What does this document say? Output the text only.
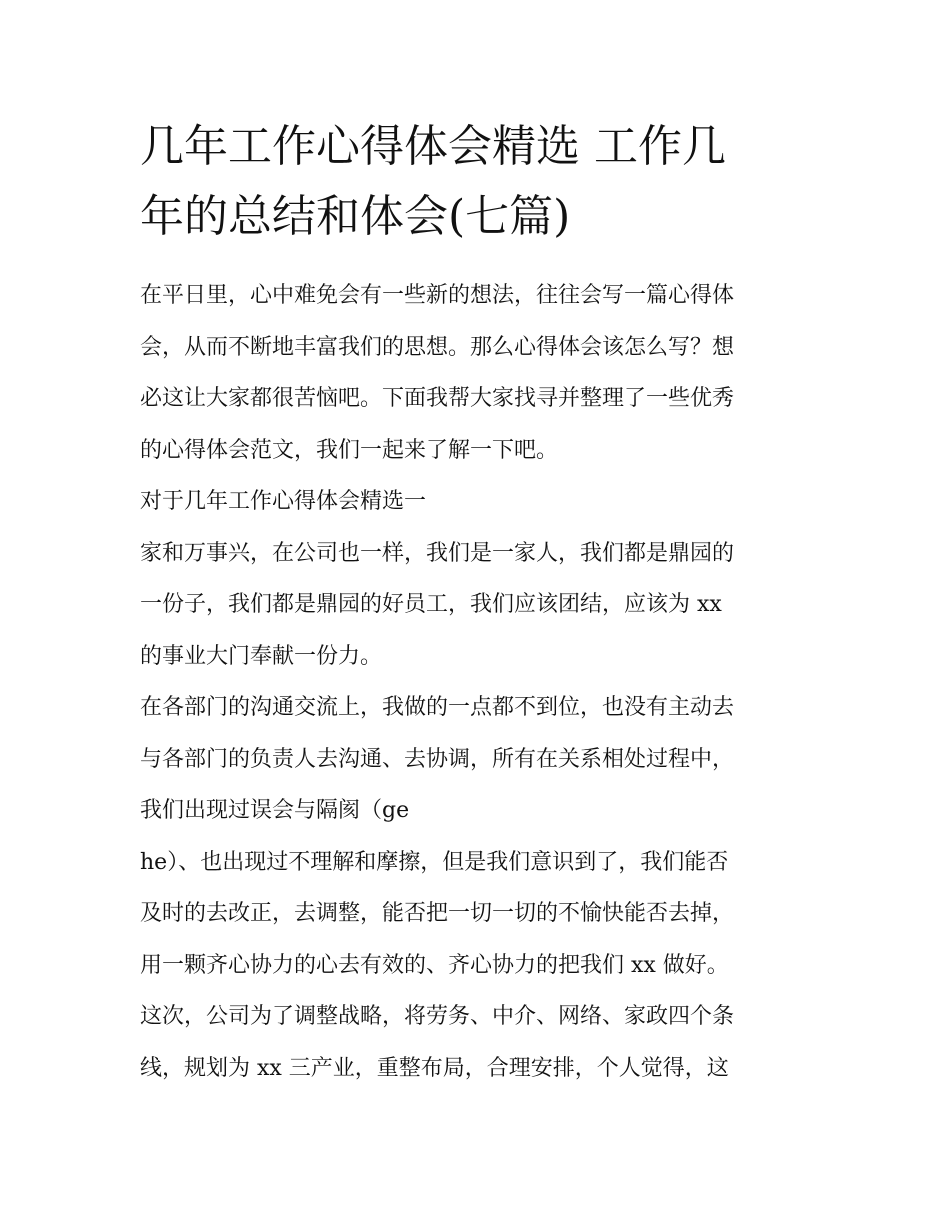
几年工作心得体会精选 工作几
年的总结和体会(七篇)

在平日里，心中难免会有一些新的想法，往往会写一篇心得体
会，从而不断地丰富我们的思想。那么心得体会该怎么写？想
必这让大家都很苦恼吧。下面我帮大家找寻并整理了一些优秀
的心得体会范文，我们一起来了解一下吧。

对于几年工作心得体会精选一

家和万事兴，在公司也一样，我们是一家人，我们都是鼎园的
一份子，我们都是鼎园的好员工，我们应该团结，应该为 xx
的事业大门奉献一份力。

在各部门的沟通交流上，我做的一点都不到位，也没有主动去
与各部门的负责人去沟通、去协调，所有在关系相处过程中，
我们出现过误会与隔阂（ge

he）、也出现过不理解和摩擦，但是我们意识到了，我们能否
及时的去改正，去调整，能否把一切一切的不愉快能否去掉，
用一颗齐心协力的心去有效的、齐心协力的把我们 xx 做好。

这次，公司为了调整战略，将劳务、中介、网络、家政四个条
线，规划为 xx 三产业，重整布局，合理安排，个人觉得，这
